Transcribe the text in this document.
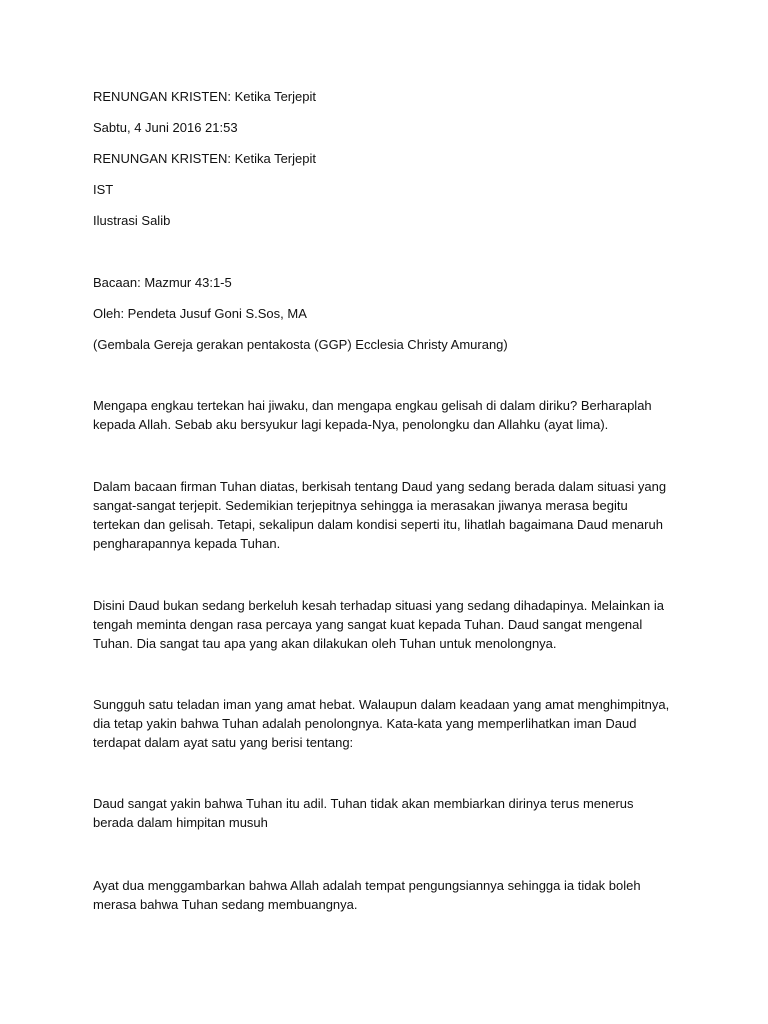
RENUNGAN KRISTEN: Ketika Terjepit

Sabtu, 4 Juni 2016 21:53

RENUNGAN KRISTEN: Ketika Terjepit

IST

Ilustrasi Salib

Bacaan: Mazmur 43:1-5

Oleh: Pendeta Jusuf Goni S.Sos, MA

(Gembala Gereja gerakan pentakosta (GGP) Ecclesia Christy Amurang)

Mengapa engkau tertekan hai jiwaku, dan mengapa engkau gelisah di dalam diriku? Berharaplah
kepada Allah. Sebab aku bersyukur lagi kepada-Nya, penolongku dan Allahku (ayat lima).
Dalam bacaan firman Tuhan diatas, berkisah tentang Daud yang sedang berada dalam situasi yang
sangat-sangat terjepit. Sedemikian terjepitnya sehingga ia merasakan jiwanya merasa begitu
tertekan dan gelisah. Tetapi, sekalipun dalam kondisi seperti itu, lihatlah bagaimana Daud menaruh
pengharapannya kepada Tuhan.
Disini Daud bukan sedang berkeluh kesah terhadap situasi yang sedang dihadapinya. Melainkan ia
tengah meminta dengan rasa percaya yang sangat kuat kepada Tuhan. Daud sangat mengenal
Tuhan. Dia sangat tau apa yang akan dilakukan oleh Tuhan untuk menolongnya.
Sungguh satu teladan iman yang amat hebat. Walaupun dalam keadaan yang amat menghimpitnya,
dia tetap yakin bahwa Tuhan adalah penolongnya. Kata-kata yang memperlihatkan iman Daud
terdapat dalam ayat satu yang berisi tentang:
Daud sangat yakin bahwa Tuhan itu adil. Tuhan tidak akan membiarkan dirinya terus menerus
berada dalam himpitan musuh
Ayat dua menggambarkan bahwa Allah adalah tempat pengungsiannya sehingga ia tidak boleh
merasa bahwa Tuhan sedang membuangnya.
